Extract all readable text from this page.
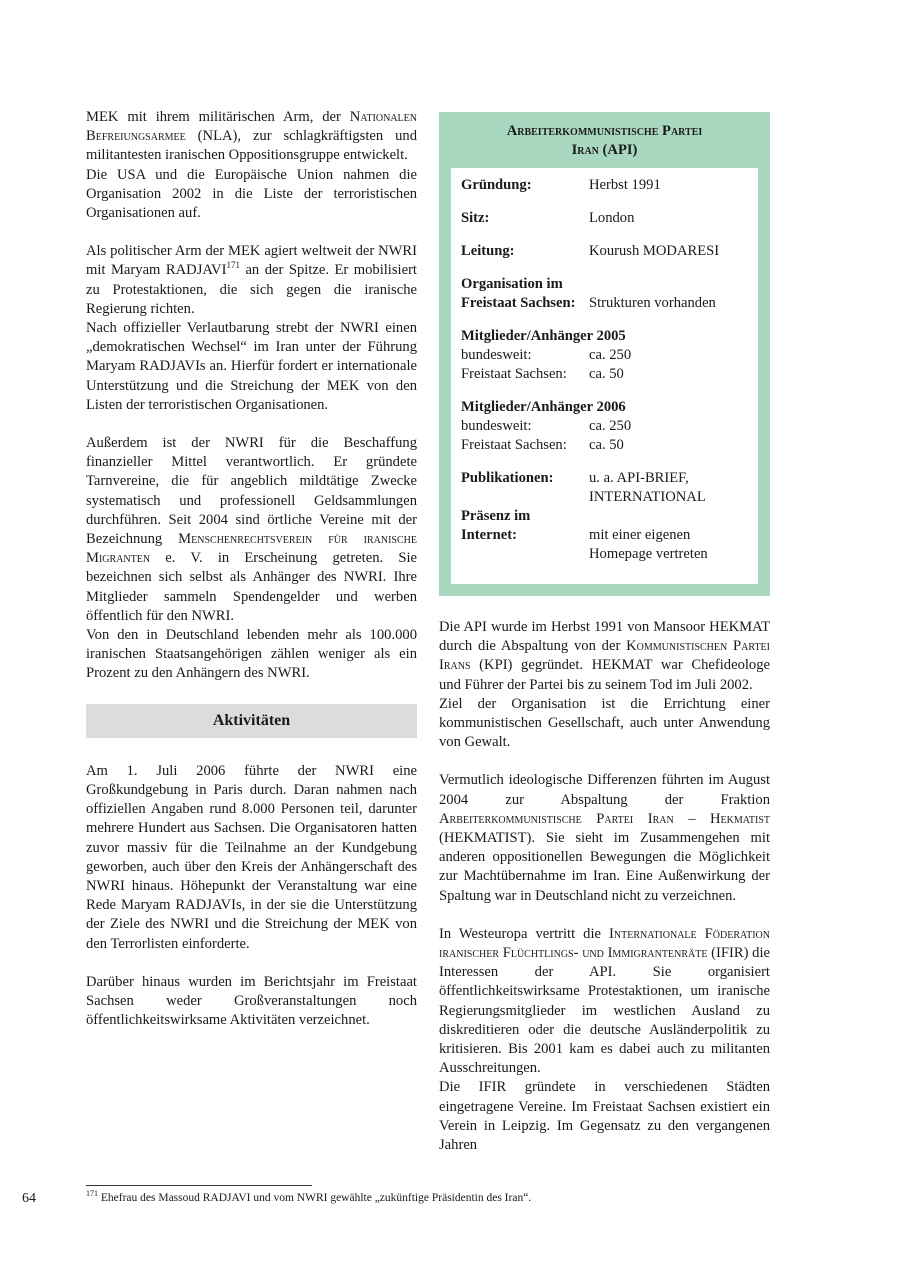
MEK mit ihrem militärischen Arm, der Nationalen Befreiungsarmee (NLA), zur schlagkräftigsten und militantesten iranischen Oppositionsgruppe entwickelt.

Die USA und die Europäische Union nahmen die Organisation 2002 in die Liste der terroristischen Organisationen auf.

Als politischer Arm der MEK agiert weltweit der NWRI mit Maryam RADJAVI$^{171}$ an der Spitze. Er mobilisiert zu Protestaktionen, die sich gegen die iranische Regierung richten.

Nach offizieller Verlautbarung strebt der NWRI einen „demokratischen Wechsel“ im Iran unter der Führung Maryam RADJAVIs an. Hierfür fordert er internationale Unterstützung und die Streichung der MEK von den Listen der terroristischen Organisationen.

Außerdem ist der NWRI für die Beschaffung finanzieller Mittel verantwortlich. Er gründete Tarnvereine, die für angeblich mildtätige Zwecke systematisch und professionell Geldsammlungen durchführen. Seit 2004 sind örtliche Vereine mit der Bezeichnung Menschenrechtsverein für iranische Migranten e. V. in Erscheinung getreten. Sie bezeichnen sich selbst als Anhänger des NWRI. Ihre Mitglieder sammeln Spendengelder und werben öffentlich für den NWRI.

Von den in Deutschland lebenden mehr als 100.000 iranischen Staatsangehörigen zählen weniger als ein Prozent zu den Anhängern des NWRI.

Aktivitäten

Am 1. Juli 2006 führte der NWRI eine Großkundgebung in Paris durch. Daran nahmen nach offiziellen Angaben rund 8.000 Personen teil, darunter mehrere Hundert aus Sachsen. Die Organisatoren hatten zuvor massiv für die Teilnahme an der Kundgebung geworben, auch über den Kreis der Anhängerschaft des NWRI hinaus. Höhepunkt der Veranstaltung war eine Rede Maryam RADJAVIs, in der sie die Unterstützung der Ziele des NWRI und die Streichung der MEK von den Terrorlisten einforderte.

Darüber hinaus wurden im Berichtsjahr im Freistaat Sachsen weder Großveranstaltungen noch öffentlichkeitswirksame Aktivitäten verzeichnet.

Arbeiterkommunistische Partei
Iran (API)
Gründung:	Herbst 1991
Sitz:	London
Leitung:	Kourush MODARESI
Organisation im
Freistaat Sachsen: Strukturen vorhanden
Mitglieder/Anhänger 2005
bundesweit:	ca. 250
Freistaat Sachsen:	ca. 50
Mitglieder/Anhänger 2006
bundesweit:	ca. 250
Freistaat Sachsen:	ca. 50
Publikationen:	u. a. API-BRIEF,
INTERNATIONAL
Präsenz im
Internet:	mit einer eigenen
Homepage vertreten

Die API wurde im Herbst 1991 von Mansoor HEKMAT durch die Abspaltung von der Kommunistischen Partei Irans (KPI) gegründet. HEKMAT war Chefideologe und Führer der Partei bis zu seinem Tod im Juli 2002.

Ziel der Organisation ist die Errichtung einer kommunistischen Gesellschaft, auch unter Anwendung von Gewalt.

Vermutlich ideologische Differenzen führten im August 2004 zur Abspaltung der Fraktion Arbeiterkommunistische Partei Iran – Hekmatist (HEKMATIST). Sie sieht im Zusammengehen mit anderen oppositionellen Bewegungen die Möglichkeit zur Machtübernahme im Iran. Eine Außenwirkung der Spaltung war in Deutschland nicht zu verzeichnen.

In Westeuropa vertritt die Internationale Föderation iranischer Flüchtlings- und Immigrantenräte (IFIR) die Interessen der API. Sie organisiert öffentlichkeitswirksame Protestaktionen, um iranische Regierungsmitglieder im westlichen Ausland zu diskreditieren oder die deutsche Ausländerpolitik zu kritisieren. Bis 2001 kam es dabei auch zu militanten Ausschreitungen.

Die IFIR gründete in verschiedenen Städten eingetragene Vereine. Im Freistaat Sachsen existiert ein Verein in Leipzig. Im Gegensatz zu den vergangenen Jahren

64	$^{171}$ Ehefrau des Massoud RADJAVI und vom NWRI gewählte „zukünftige Präsidentin des Iran“.
